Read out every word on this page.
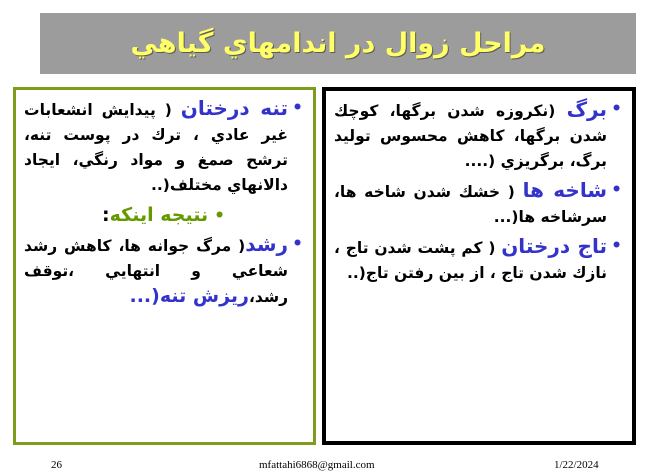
مراحل زوال در اندامهاي گياهي
•
برگ (نكروزه شدن برگها، كوچك شدن برگها، كاهش محسوس توليد برگ، برگريزي (....
•
شاخه ها ( خشك شدن شاخه ها، سرشاخه ها(...
•
تاج درختان ( كم پشت شدن تاج ، نازك شدن تاج ، از بين رفتن تاج(..
•
تنه درختان ( پيدايش انشعابات غير عادي ، ترك در پوست تنه، ترشح صمغ و مواد رنگي، ايجاد دالانهاي مختلف(..
•نتيجه اينكه:
•
رشد( مرگ جوانه ها، كاهش رشد شعاعي و انتهايي ،توقف رشد،ريزش تنه(...
26	mfattahi6868@gmail.com	1/22/2024
